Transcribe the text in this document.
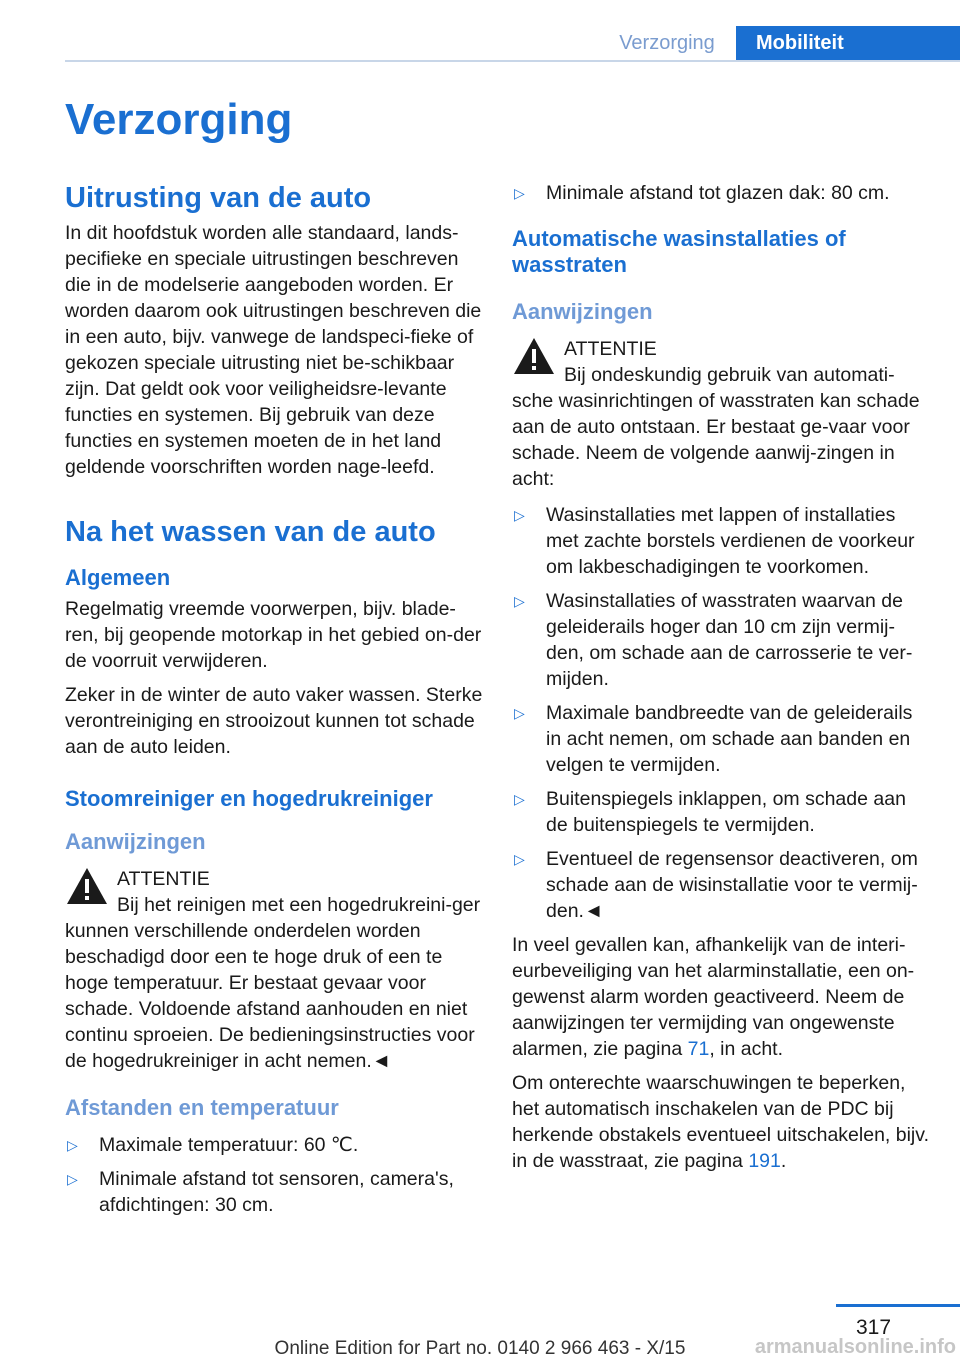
Verzorging	Mobiliteit
Verzorging
Uitrusting van de auto

In dit hoofdstuk worden alle standaard, lands-pecifieke en speciale uitrustingen beschreven die in de modelserie aangeboden worden. Er worden daarom ook uitrustingen beschreven die in een auto, bijv. vanwege de landspeci-fieke of gekozen speciale uitrusting niet be-schikbaar zijn. Dat geldt ook voor veiligheidsre-levante functies en systemen. Bij gebruik van deze functies en systemen moeten de in het land geldende voorschriften worden nage-leefd.

Na het wassen van de auto
Algemeen

Regelmatig vreemde voorwerpen, bijv. blade-ren, bij geopende motorkap in het gebied on-der de voorruit verwijderen.

Zeker in de winter de auto vaker wassen. Sterke verontreiniging en strooizout kunnen tot schade aan de auto leiden.

Stoomreiniger en hogedrukreiniger
Aanwijzingen
ATTENTIE

Bij het reinigen met een hogedrukreini-ger kunnen verschillende onderdelen worden beschadigd door een te hoge druk of een te hoge temperatuur. Er bestaat gevaar voor schade. Voldoende afstand aanhouden en niet continu sproeien. De bedieningsinstructies voor de hogedrukreiniger in acht nemen.◄

Afstanden en temperatuur
▷ Maximale temperatuur: 60 ℃.
▷ Minimale afstand tot sensoren, camera's, afdichtingen: 30 cm.
▷ Minimale afstand tot glazen dak: 80 cm.
Automatische wasinstallaties of wasstraten
Aanwijzingen
ATTENTIE

Bij ondeskundig gebruik van automati-sche wasinrichtingen of wasstraten kan schade aan de auto ontstaan. Er bestaat ge-vaar voor schade. Neem de volgende aanwij-zingen in acht:

▷ Wasinstallaties met lappen of installaties met zachte borstels verdienen de voorkeur om lakbeschadigingen te voorkomen.
▷ Wasinstallaties of wasstraten waarvan de geleiderails hoger dan 10 cm zijn vermij-den, om schade aan de carrosserie te ver-mijden.
▷ Maximale bandbreedte van de geleiderails in acht nemen, om schade aan banden en velgen te vermijden.
▷ Buitenspiegels inklappen, om schade aan de buitenspiegels te vermijden.
▷ Eventueel de regensensor deactiveren, om schade aan de wisinstallatie voor te vermij-den.◄

In veel gevallen kan, afhankelijk van de interi-eurbeveiliging van het alarminstallatie, een on-gewenst alarm worden geactiveerd. Neem de aanwijzingen ter vermijding van ongewenste alarmen, zie pagina 71, in acht.

Om onterechte waarschuwingen te beperken, het automatisch inschakelen van de PDC bij herkende obstakels eventueel uitschakelen, bijv. in de wasstraat, zie pagina 191.

317
Online Edition for Part no. 0140 2 966 463 - X/15	armanualsonline.info
